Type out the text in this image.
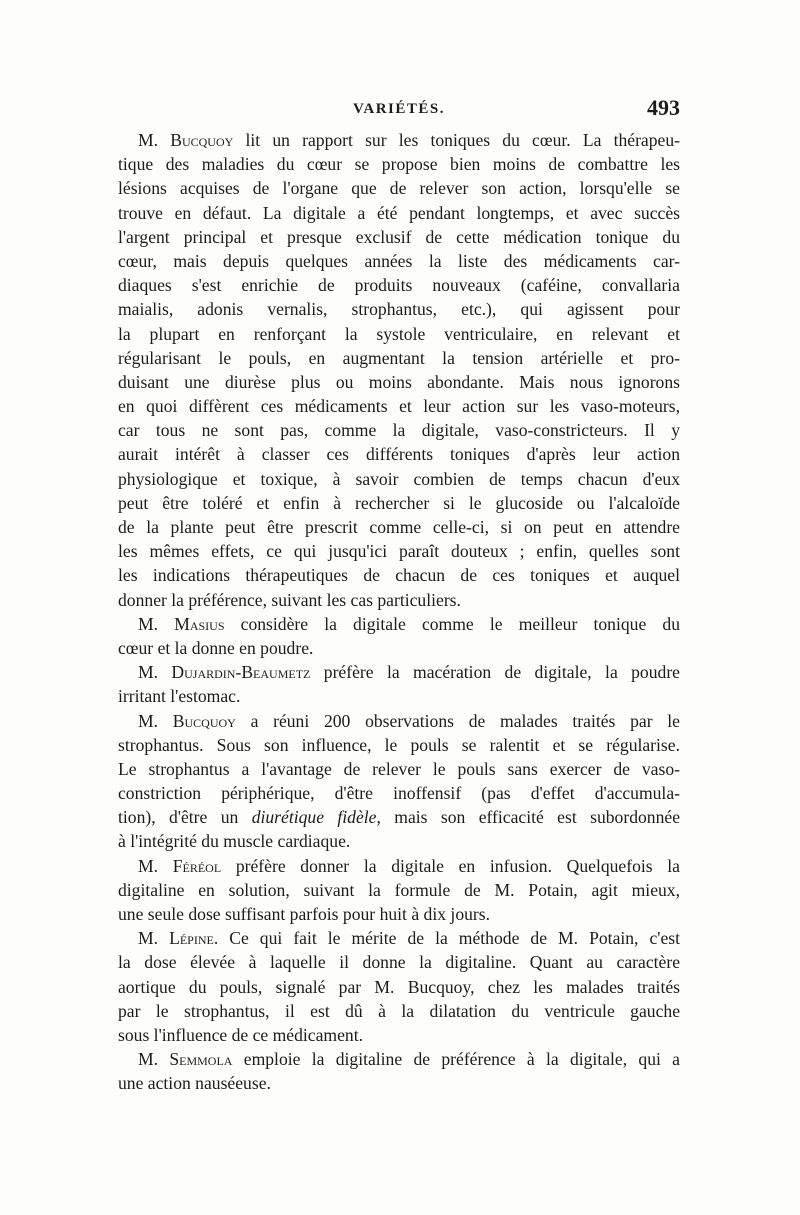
VARIÉTÉS.	493
M. Bucquoy lit un rapport sur les toniques du cœur. La thérapeu-
tique des maladies du cœur se propose bien moins de combattre les
lésions acquises de l'organe que de relever son action, lorsqu'elle se
trouve en défaut. La digitale a été pendant longtemps, et avec succès
l'argent principal et presque exclusif de cette médication tonique du
cœur, mais depuis quelques années la liste des médicaments car-
diaques s'est enrichie de produits nouveaux (caféine, convallaria
maialis, adonis vernalis, strophantus, etc.), qui agissent pour
la plupart en renforçant la systole ventriculaire, en relevant et
régularisant le pouls, en augmentant la tension artérielle et pro-
duisant une diurèse plus ou moins abondante. Mais nous ignorons
en quoi diffèrent ces médicaments et leur action sur les vaso-moteurs,
car tous ne sont pas, comme la digitale, vaso-constricteurs. Il y
aurait intérêt à classer ces différents toniques d'après leur action
physiologique et toxique, à savoir combien de temps chacun d'eux
peut être toléré et enfin à rechercher si le glucoside ou l'alcaloïde
de la plante peut être prescrit comme celle-ci, si on peut en attendre
les mêmes effets, ce qui jusqu'ici paraît douteux ; enfin, quelles sont
les indications thérapeutiques de chacun de ces toniques et auquel
donner la préférence, suivant les cas particuliers.
M. Masius considère la digitale comme le meilleur tonique du
cœur et la donne en poudre.
M. Dujardin-Beaumetz préfère la macération de digitale, la poudre
irritant l'estomac.
M. Bucquoy a réuni 200 observations de malades traités par le
strophantus. Sous son influence, le pouls se ralentit et se régularise.
Le strophantus a l'avantage de relever le pouls sans exercer de vaso-
constriction périphérique, d'être inoffensif (pas d'effet d'accumula-
tion), d'être un diurétique fidèle, mais son efficacité est subordonnée
à l'intégrité du muscle cardiaque.
M. Féréol préfère donner la digitale en infusion. Quelquefois la
digitaline en solution, suivant la formule de M. Potain, agit mieux,
une seule dose suffisant parfois pour huit à dix jours.
M. Lépine. Ce qui fait le mérite de la méthode de M. Potain, c'est
la dose élevée à laquelle il donne la digitaline. Quant au caractère
aortique du pouls, signalé par M. Bucquoy, chez les malades traités
par le strophantus, il est dû à la dilatation du ventricule gauche
sous l'influence de ce médicament.
M. Semmola emploie la digitaline de préférence à la digitale, qui a
une action nauséeuse.
